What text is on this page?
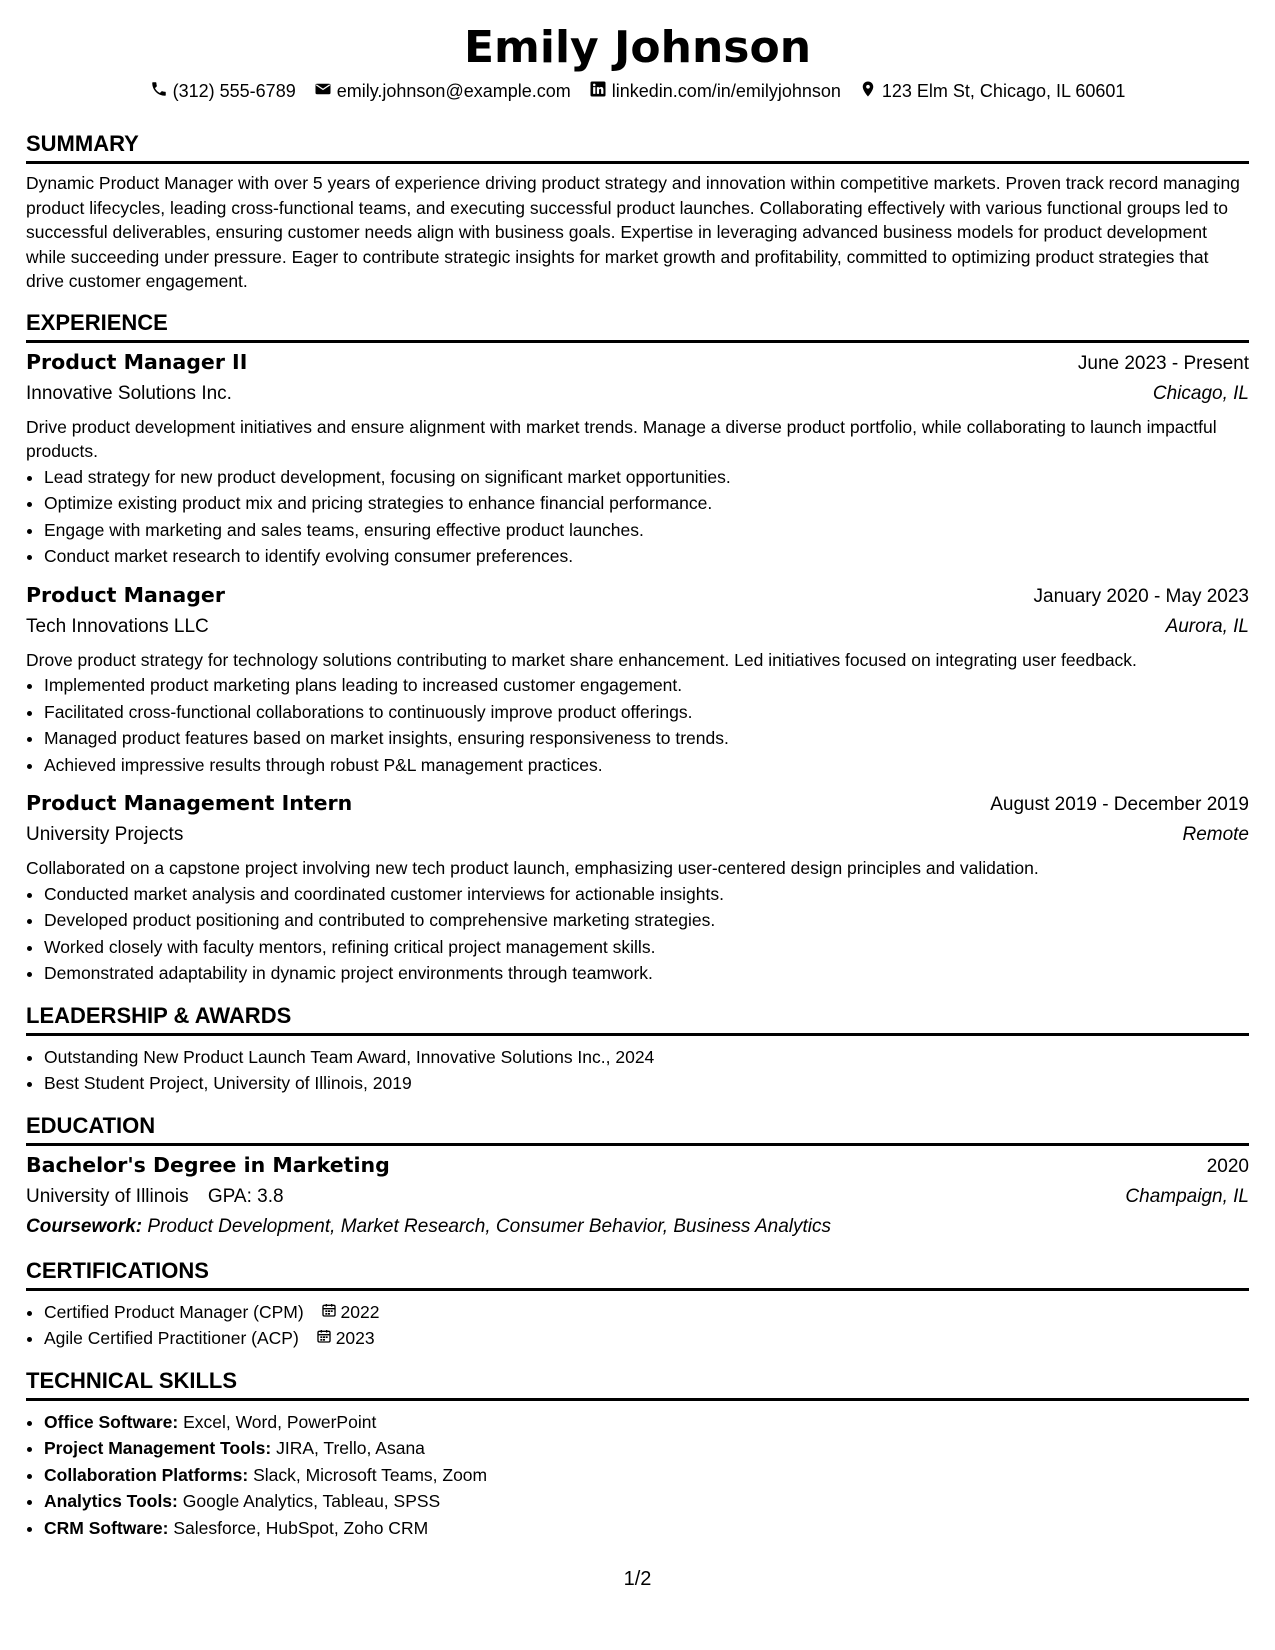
Emily Johnson
(312) 555-6789 emily.johnson@example.com linkedin.com/in/emilyjohnson 123 Elm St, Chicago, IL 60601
SUMMARY
Dynamic Product Manager with over 5 years of experience driving product strategy and innovation within competitive markets. Proven track record managing product lifecycles, leading cross-functional teams, and executing successful product launches. Collaborating effectively with various functional groups led to successful deliverables, ensuring customer needs align with business goals. Expertise in leveraging advanced business models for product development while succeeding under pressure. Eager to contribute strategic insights for market growth and profitability, committed to optimizing product strategies that drive customer engagement.
EXPERIENCE
Product Manager II	June 2023 - Present
Innovative Solutions Inc.	Chicago, IL
Drive product development initiatives and ensure alignment with market trends. Manage a diverse product portfolio, while collaborating to launch impactful products.
• Lead strategy for new product development, focusing on significant market opportunities.
• Optimize existing product mix and pricing strategies to enhance financial performance.
• Engage with marketing and sales teams, ensuring effective product launches.
• Conduct market research to identify evolving consumer preferences.
Product Manager	January 2020 - May 2023
Tech Innovations LLC	Aurora, IL
Drove product strategy for technology solutions contributing to market share enhancement. Led initiatives focused on integrating user feedback.
• Implemented product marketing plans leading to increased customer engagement.
• Facilitated cross-functional collaborations to continuously improve product offerings.
• Managed product features based on market insights, ensuring responsiveness to trends.
• Achieved impressive results through robust P&L management practices.
Product Management Intern	August 2019 - December 2019
University Projects	Remote
Collaborated on a capstone project involving new tech product launch, emphasizing user-centered design principles and validation.
• Conducted market analysis and coordinated customer interviews for actionable insights.
• Developed product positioning and contributed to comprehensive marketing strategies.
• Worked closely with faculty mentors, refining critical project management skills.
• Demonstrated adaptability in dynamic project environments through teamwork.
LEADERSHIP & AWARDS
• Outstanding New Product Launch Team Award, Innovative Solutions Inc., 2024
• Best Student Project, University of Illinois, 2019
EDUCATION
Bachelor's Degree in Marketing	2020
University of Illinois GPA: 3.8	Champaign, IL
Coursework: Product Development, Market Research, Consumer Behavior, Business Analytics
CERTIFICATIONS
• Certified Product Manager (CPM) 2022
• Agile Certified Practitioner (ACP) 2023
TECHNICAL SKILLS
• Office Software: Excel, Word, PowerPoint
• Project Management Tools: JIRA, Trello, Asana
• Collaboration Platforms: Slack, Microsoft Teams, Zoom
• Analytics Tools: Google Analytics, Tableau, SPSS
• CRM Software: Salesforce, HubSpot, Zoho CRM
1/2
